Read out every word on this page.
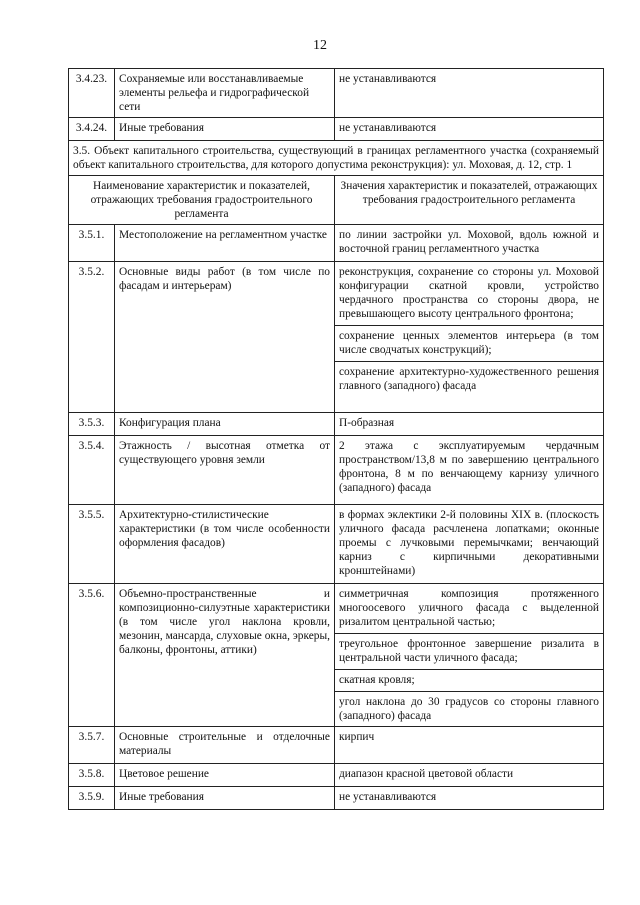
12
3.4.23.	Сохраняемые или восстанавливаемые элементы рельефа и гидрографической сети	не устанавливаются
3.4.24.	Иные требования	не устанавливаются
3.5. Объект капитального строительства, существующий в границах регламентного участка (сохраняемый объект капитального строительства, для которого допустима реконструкция): ул. Моховая, д. 12, стр. 1		
Наименование характеристик и показателей, отражающих требования градостроительного регламента		Значения характеристик и показателей, отражающих требования градостроительного регламента
3.5.1.	Местоположение на регламентном участке	по линии застройки ул. Моховой, вдоль южной и восточной границ регламентного участка

3.5.2.	Основные виды работ (в том числе по фасадам и интерьерам)	реконструкция, сохранение со стороны ул. Моховой конфигурации скатной кровли, устройство чердачного пространства со стороны двора, не превышающего высоту центрального фронтона;
сохранение ценных элементов интерьера (в том числе сводчатых конструкций);
сохранение архитектурно-художественного решения главного (западного) фасада

3.5.3.	Конфигурация плана	П-образная

3.5.4.	Этажность / высотная отметка от существующего уровня земли	2 этажа с эксплуатируемым чердачным пространством/13,8 м по завершению центрального фронтона, 8 м по венчающему карнизу уличного (западного) фасада

3.5.5.	Архитектурно-стилистические характеристики (в том числе особенности оформления фасадов)	в формах эклектики 2-й половины XIX в. (плоскость уличного фасада расчленена лопатками; оконные проемы с лучковыми перемычками; венчающий карниз с кирпичными декоративными кронштейнами)

3.5.6.	Объемно-пространственные и композиционно-силуэтные характеристики (в том числе угол наклона кровли, мезонин, мансарда, слуховые окна, эркеры, балконы, фронтоны, аттики)	симметричная композиция протяженного многоосевого уличного фасада с выделенной ризалитом центральной частью;
треугольное фронтонное завершение ризалита в центральной части уличного фасада;
скатная кровля;
угол наклона до 30 градусов со стороны главного (западного) фасада

3.5.7.	Основные строительные и отделочные материалы	кирпич

3.5.8.	Цветовое решение	диапазон красной цветовой области

3.5.9.	Иные требования	не устанавливаются
